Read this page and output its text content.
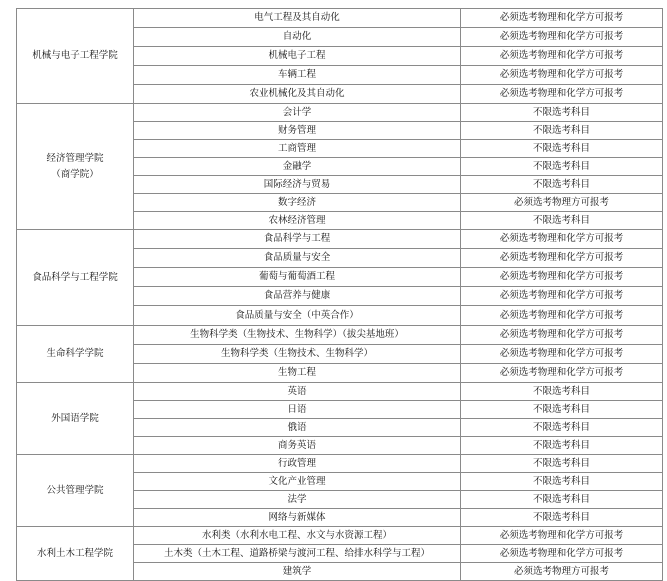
机械与电子工程学院	电气工程及其自动化	必须选考物理和化学方可报考
	自动化	必须选考物理和化学方可报考
	机械电子工程	必须选考物理和化学方可报考
	车辆工程	必须选考物理和化学方可报考
	农业机械化及其自动化	必须选考物理和化学方可报考

经济管理学院
（商学院）	会计学	不限选考科目
	财务管理	不限选考科目
	工商管理	不限选考科目
	金融学	不限选考科目
	国际经济与贸易	不限选考科目
	数字经济	必须选考物理方可报考
	农林经济管理	不限选考科目

食品科学与工程学院	食品科学与工程	必须选考物理和化学方可报考
	食品质量与安全	必须选考物理和化学方可报考
	葡萄与葡萄酒工程	必须选考物理和化学方可报考
	食品营养与健康	必须选考物理和化学方可报考
	食品质量与安全（中英合作）	必须选考物理和化学方可报考

生命科学学院	生物科学类（生物技术、生物科学）（拔尖基地班）	必须选考物理和化学方可报考
	生物科学类（生物技术、生物科学）	必须选考物理和化学方可报考
	生物工程	必须选考物理和化学方可报考

外国语学院	英语	不限选考科目
	日语	不限选考科目
	俄语	不限选考科目
	商务英语	不限选考科目

公共管理学院	行政管理	不限选考科目
	文化产业管理	不限选考科目
	法学	不限选考科目
	网络与新媒体	不限选考科目

水利土木工程学院	水利类（水利水电工程、水文与水资源工程）	必须选考物理和化学方可报考
	土木类（土木工程、道路桥梁与渡河工程、给排水科学与工程）	必须选考物理和化学方可报考
	建筑学	必须选考物理方可报考
